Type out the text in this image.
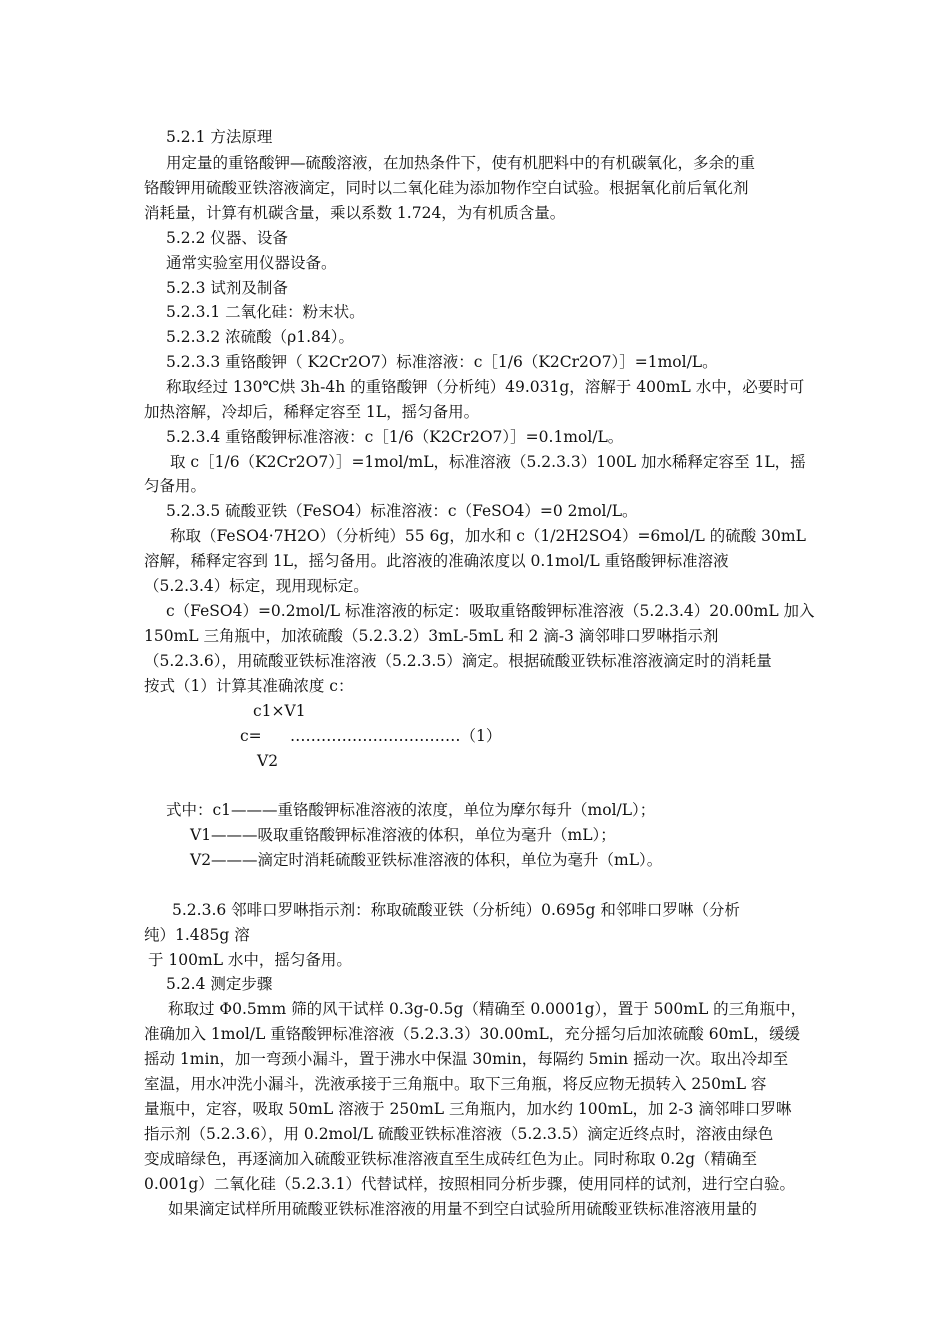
5.2.1 方法原理
用定量的重铬酸钾—硫酸溶液，在加热条件下，使有机肥料中的有机碳氧化，多余的重
铬酸钾用硫酸亚铁溶液滴定，同时以二氧化硅为添加物作空白试验。根据氧化前后氧化剂
消耗量，计算有机碳含量，乘以系数 1.724，为有机质含量。
5.2.2 仪器、设备
通常实验室用仪器设备。
5.2.3 试剂及制备
5.2.3.1 二氧化硅：粉末状。
5.2.3.2 浓硫酸（ρ1.84）。
5.2.3.3 重铬酸钾（ K2Cr2O7）标准溶液：c［1/6（K2Cr2O7）］=1mol/L。
称取经过 130℃烘 3h-4h 的重铬酸钾（分析纯）49.031g，溶解于 400mL 水中，必要时可
加热溶解，冷却后，稀释定容至 1L，摇匀备用。
5.2.3.4 重铬酸钾标准溶液：c［1/6（K2Cr2O7）］=0.1mol/L。
取 c［1/6（K2Cr2O7）］=1mol/mL，标准溶液（5.2.3.3）100L 加水稀释定容至 1L，摇
匀备用。
5.2.3.5 硫酸亚铁（FeSO4）标准溶液：c（FeSO4）=0 2mol/L。
称取（FeSO4·7H2O）（分析纯）55 6g，加水和 c（1/2H2SO4）=6mol/L 的硫酸 30mL
溶解，稀释定容到 1L，摇匀备用。此溶液的准确浓度以 0.1mol/L 重铬酸钾标准溶液
（5.2.3.4）标定，现用现标定。
c（FeSO4）=0.2mol/L 标准溶液的标定：吸取重铬酸钾标准溶液（5.2.3.4）20.00mL 加入
150mL 三角瓶中，加浓硫酸（5.2.3.2）3mL-5mL 和 2 滴-3 滴邻啡口罗啉指示剂
（5.2.3.6），用硫酸亚铁标准溶液（5.2.3.5）滴定。根据硫酸亚铁标准溶液滴定时的消耗量
按式（1）计算其准确浓度 c：
c1×V1
c= ……………………………（1）
V2
式中：c1———重铬酸钾标准溶液的浓度，单位为摩尔每升（mol/L）；
V1———吸取重铬酸钾标准溶液的体积，单位为毫升（mL）；
V2———滴定时消耗硫酸亚铁标准溶液的体积，单位为毫升（mL）。
5.2.3.6 邻啡口罗啉指示剂：称取硫酸亚铁（分析纯）0.695g 和邻啡口罗啉（分析
纯）1.485g 溶
于 100mL 水中，摇匀备用。
5.2.4 测定步骤
称取过 Φ0.5mm 筛的风干试样 0.3g-0.5g（精确至 0.0001g），置于 500mL 的三角瓶中，
准确加入 1mol/L 重铬酸钾标准溶液（5.2.3.3）30.00mL，充分摇匀后加浓硫酸 60mL，缓缓
摇动 1min，加一弯颈小漏斗，置于沸水中保温 30min，每隔约 5min 摇动一次。取出冷却至
室温，用水冲洗小漏斗，洗液承接于三角瓶中。取下三角瓶，将反应物无损转入 250mL 容
量瓶中，定容，吸取 50mL 溶液于 250mL 三角瓶内，加水约 100mL，加 2-3 滴邻啡口罗啉
指示剂（5.2.3.6），用 0.2mol/L 硫酸亚铁标准溶液（5.2.3.5）滴定近终点时，溶液由绿色
变成暗绿色，再逐滴加入硫酸亚铁标准溶液直至生成砖红色为止。同时称取 0.2g（精确至
0.001g）二氧化硅（5.2.3.1）代替试样，按照相同分析步骤，使用同样的试剂，进行空白验。
如果滴定试样所用硫酸亚铁标准溶液的用量不到空白试验所用硫酸亚铁标准溶液用量的
